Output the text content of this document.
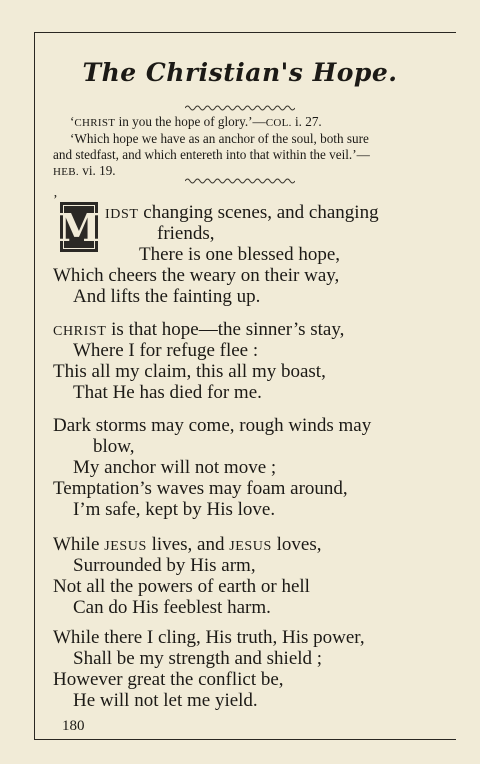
The Christian's Hope.
‘CHRIST in you the hope of glory.’—COL. i. 27.
‘Which hope we have as an anchor of the soul, both sure
and stedfast, and which entereth into that within the veil.’—
HEB. vi. 19.
’
M IDST changing scenes, and changing
friends,
There is one blessed hope,
Which cheers the weary on their way,
And lifts the fainting up.
CHRIST is that hope—the sinner’s stay,
Where I for refuge flee :
This all my claim, this all my boast,
That He has died for me.
Dark storms may come, rough winds may
blow,
My anchor will not move ;
Temptation’s waves may foam around,
I’m safe, kept by His love.
While JESUS lives, and JESUS loves,
Surrounded by His arm,
Not all the powers of earth or hell
Can do His feeblest harm.
While there I cling, His truth, His power,
Shall be my strength and shield ;
However great the conflict be,
He will not let me yield.
180
